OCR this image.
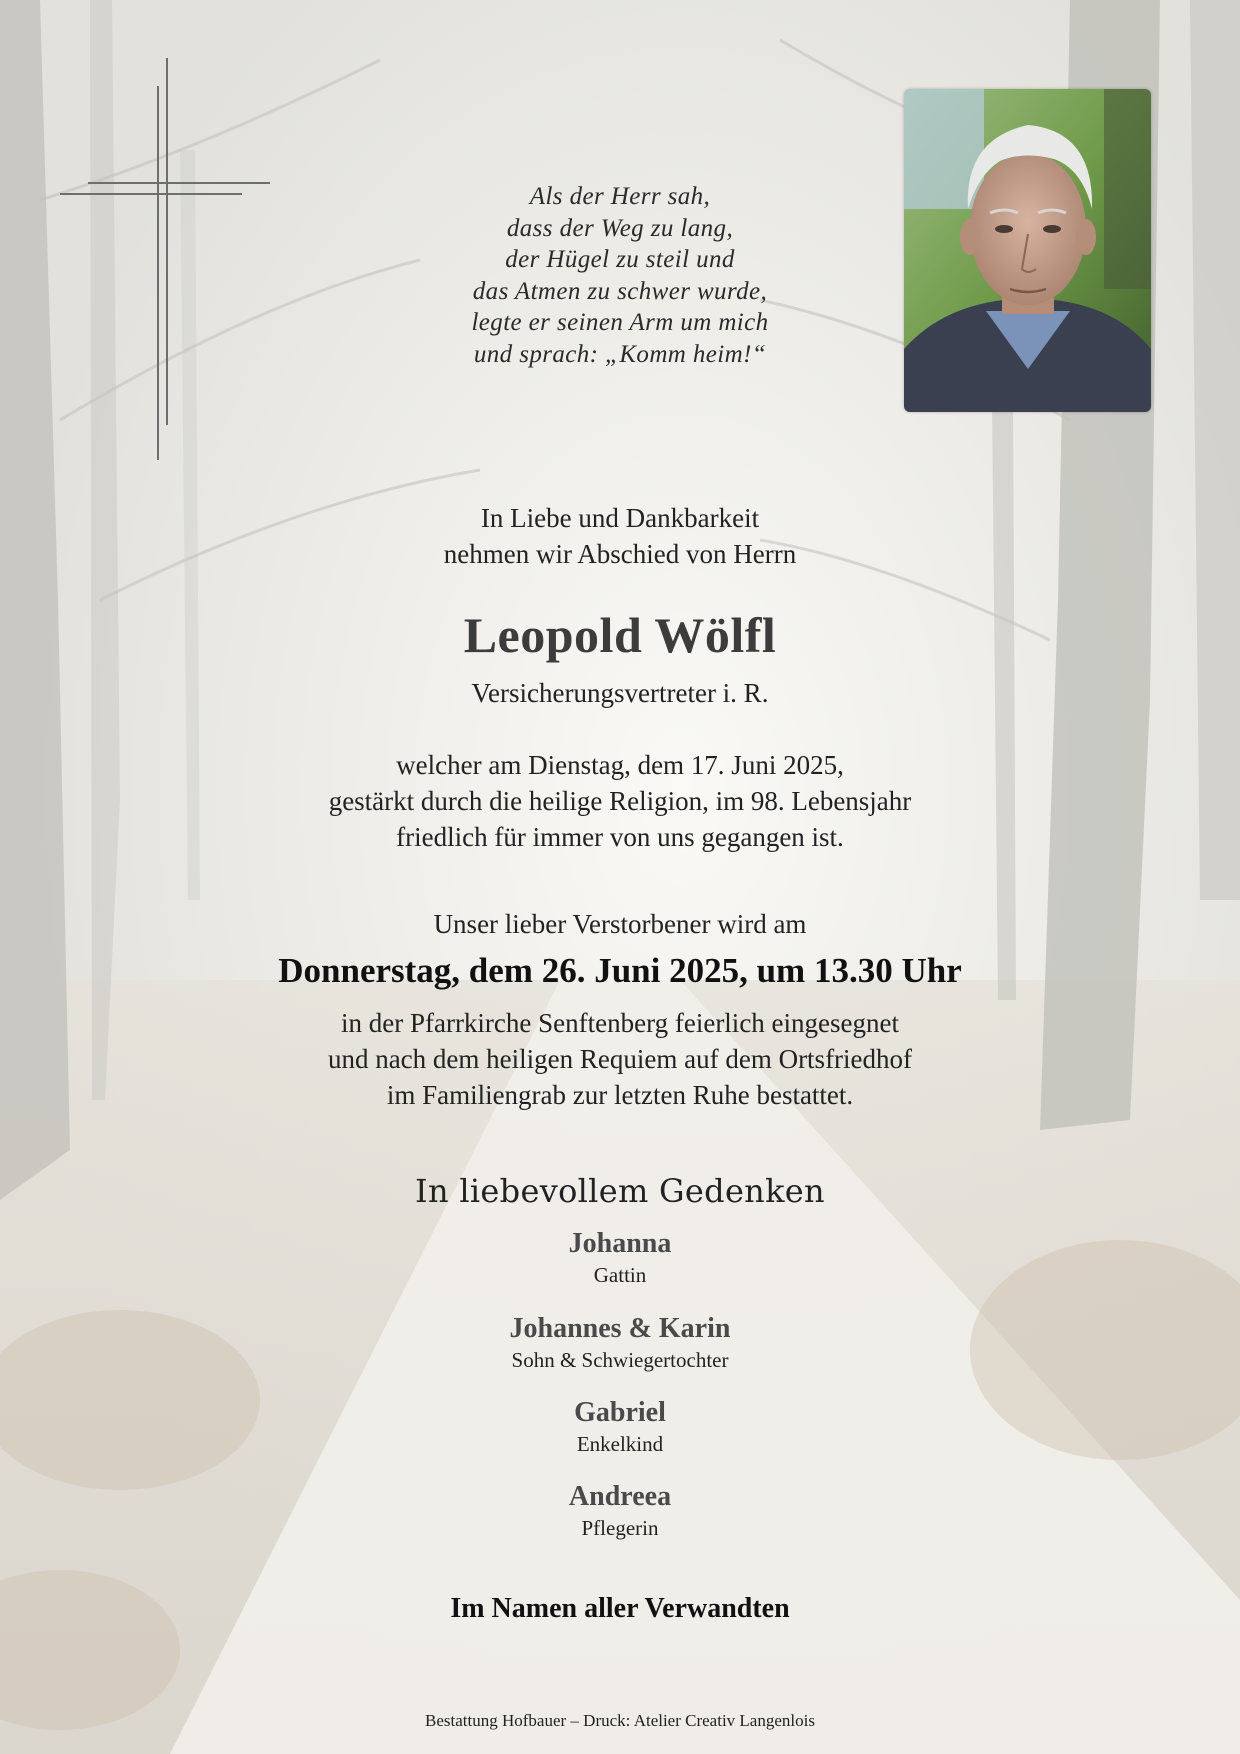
Als der Herr sah,
dass der Weg zu lang,
der Hügel zu steil und
das Atmen zu schwer wurde,
legte er seinen Arm um mich
und sprach: „Komm heim!“
In Liebe und Dankbarkeit
nehmen wir Abschied von Herrn
Leopold Wölfl
Versicherungsvertreter i. R.
welcher am Dienstag, dem 17. Juni 2025,
gestärkt durch die heilige Religion, im 98. Lebensjahr
friedlich für immer von uns gegangen ist.
Unser lieber Verstorbener wird am
Donnerstag, dem 26. Juni 2025, um 13.30 Uhr
in der Pfarrkirche Senftenberg feierlich eingesegnet
und nach dem heiligen Requiem auf dem Ortsfriedhof
im Familiengrab zur letzten Ruhe bestattet.
In liebevollem Gedenken
Johanna
Gattin
Johannes & Karin
Sohn & Schwiegertochter
Gabriel
Enkelkind
Andreea
Pflegerin
Im Namen aller Verwandten
Bestattung Hofbauer – Druck: Atelier Creativ Langenlois
